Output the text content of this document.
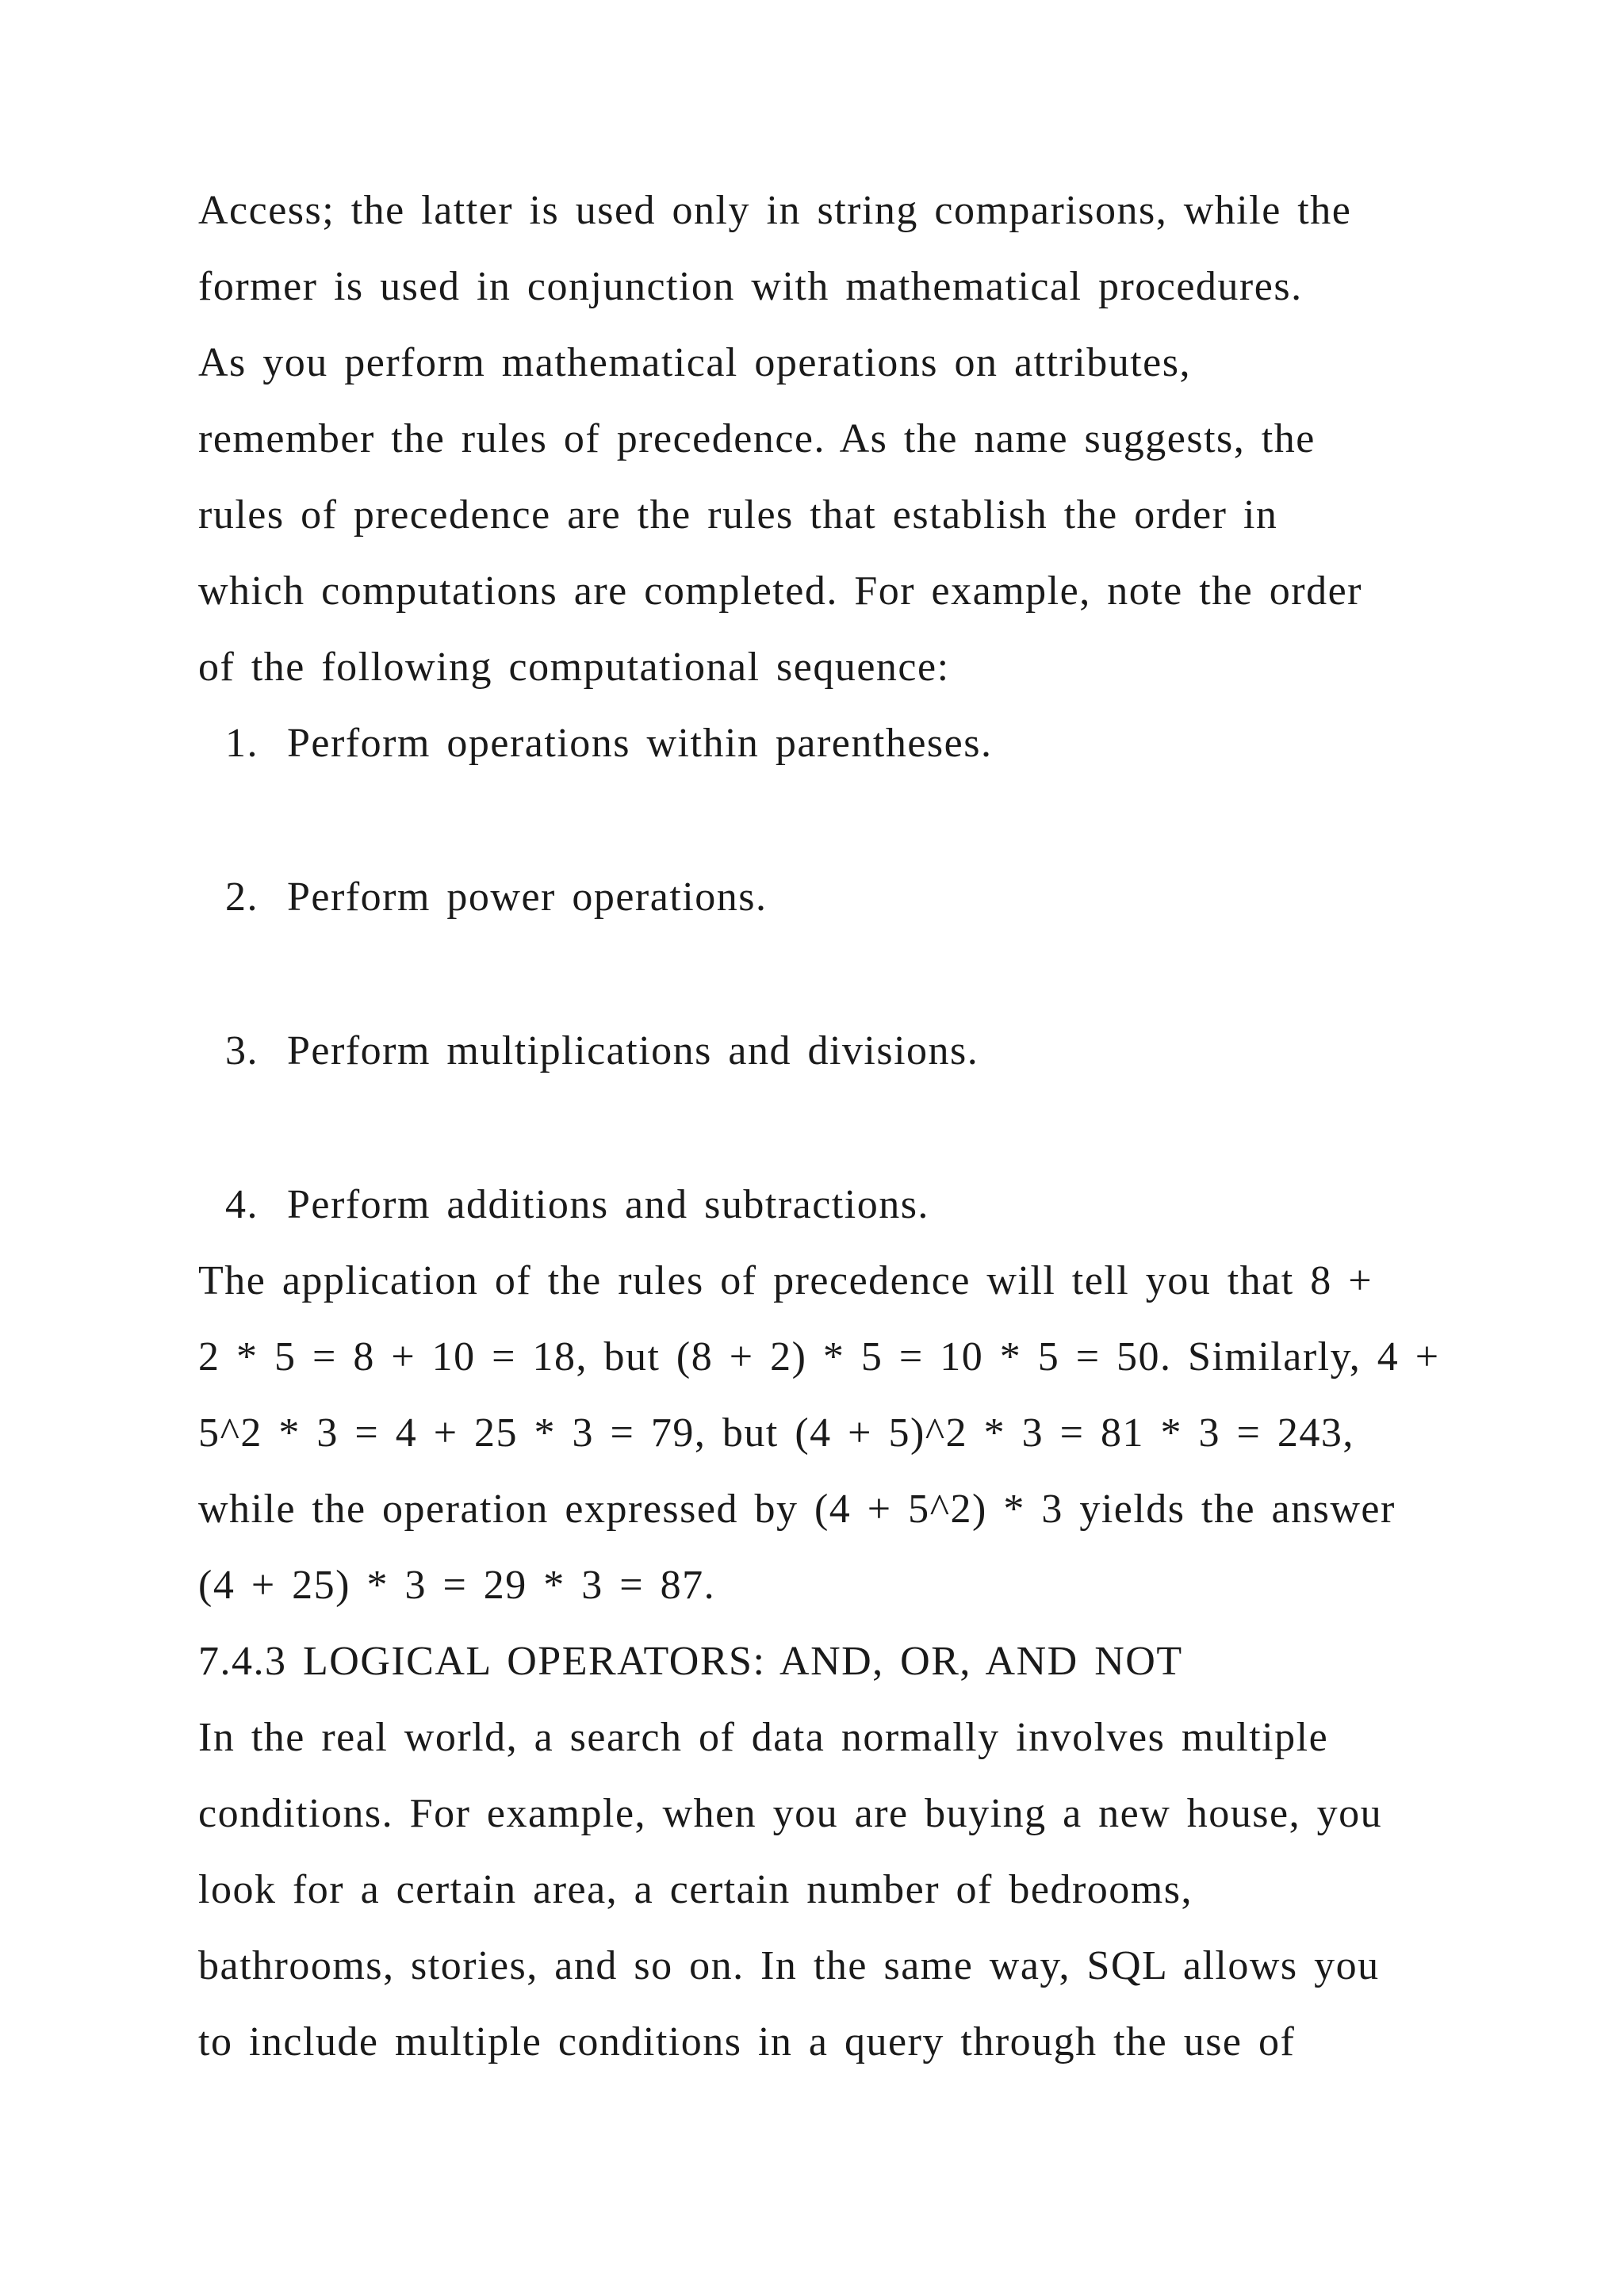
Access; the latter is used only in string comparisons, while the
former is used in conjunction with mathematical procedures.
As you perform mathematical operations on attributes,
remember the rules of precedence. As the name suggests, the
rules of precedence are the rules that establish the order in
which computations are completed. For example, note the order
of the following computational sequence:
1. Perform operations within parentheses.
2. Perform power operations.
3. Perform multiplications and divisions.
4. Perform additions and subtractions.
The application of the rules of precedence will tell you that 8 +
2 * 5 = 8 + 10 = 18, but (8 + 2) * 5 = 10 * 5 = 50. Similarly, 4 +
5^2 * 3 = 4 + 25 * 3 = 79, but (4 + 5)^2 * 3 = 81 * 3 = 243,
while the operation expressed by (4 + 5^2) * 3 yields the answer
(4 + 25) * 3 = 29 * 3 = 87.
7.4.3 LOGICAL OPERATORS: AND, OR, AND NOT
In the real world, a search of data normally involves multiple
conditions. For example, when you are buying a new house, you
look for a certain area, a certain number of bedrooms,
bathrooms, stories, and so on. In the same way, SQL allows you
to include multiple conditions in a query through the use of
